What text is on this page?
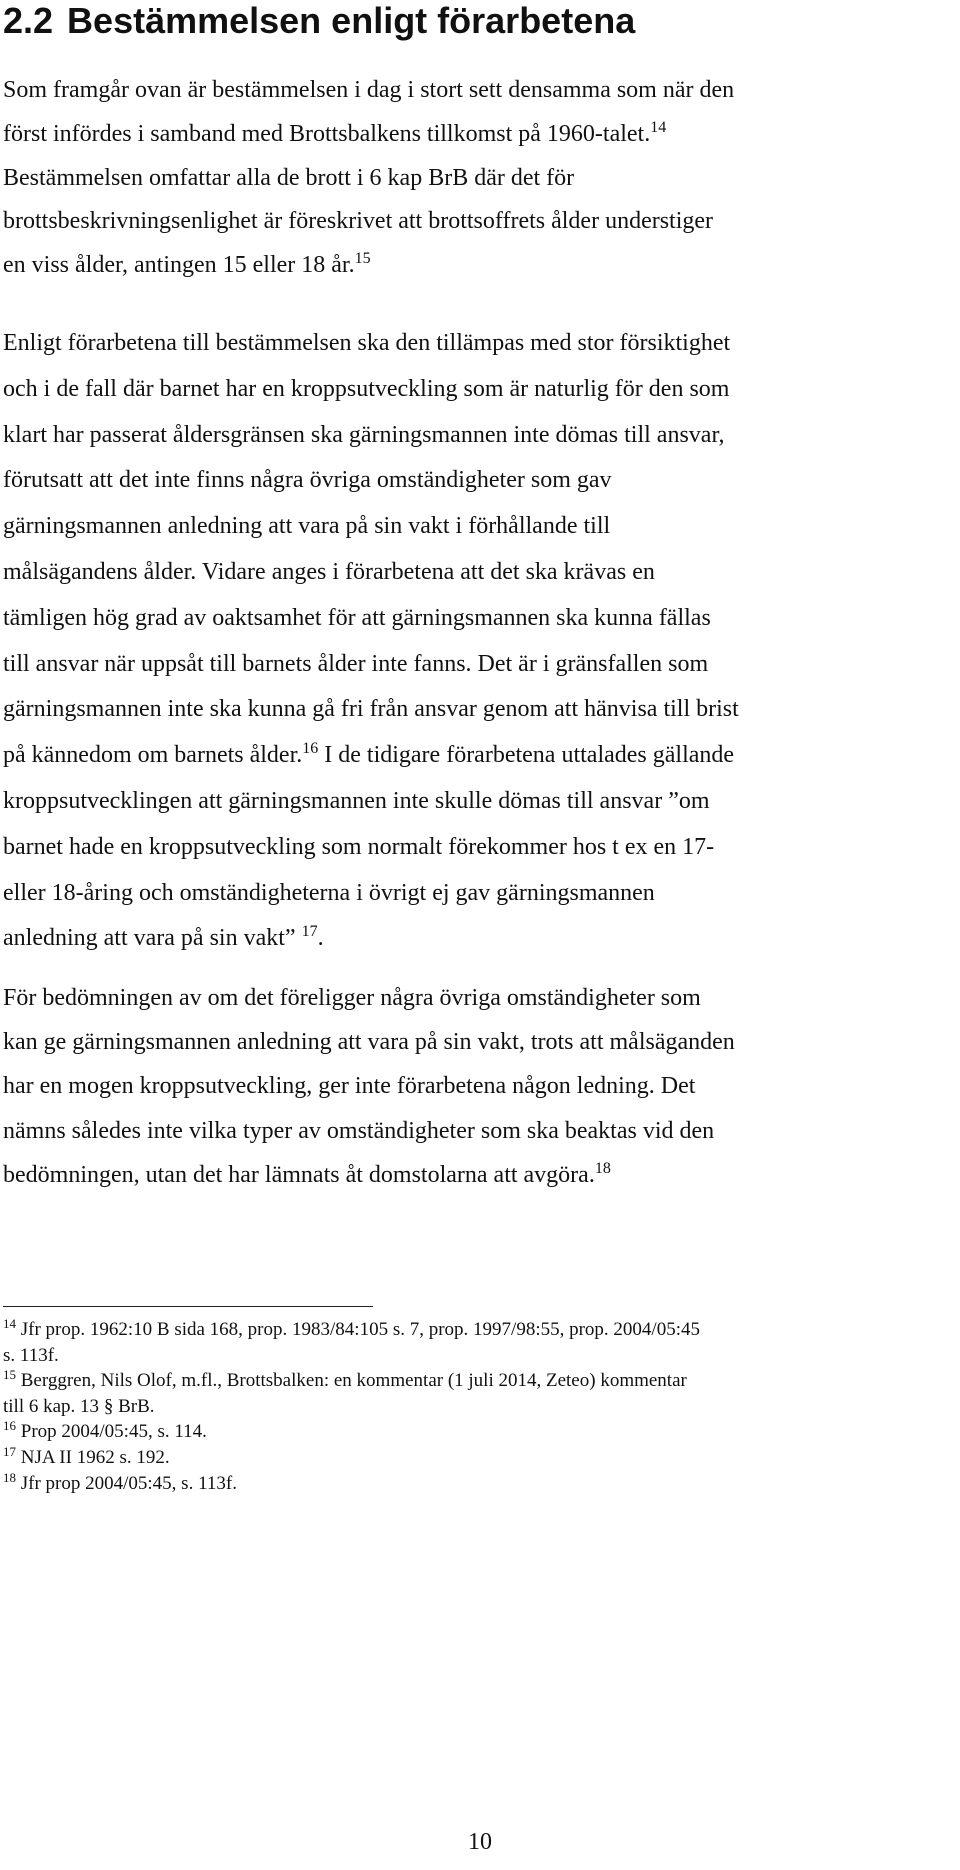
2.2 Bestämmelsen enligt förarbetena

Som framgår ovan är bestämmelsen i dag i stort sett densamma som när den
först infördes i samband med Brottsbalkens tillkomst på 1960-talet.$^{14}$
Bestämmelsen omfattar alla de brott i 6 kap BrB där det för
brottsbeskrivningsenlighet är föreskrivet att brottsoffrets ålder understiger
en viss ålder, antingen 15 eller 18 år.$^{15}$

Enligt förarbetena till bestämmelsen ska den tillämpas med stor försiktighet
och i de fall där barnet har en kroppsutveckling som är naturlig för den som
klart har passerat åldersgränsen ska gärningsmannen inte dömas till ansvar,
förutsatt att det inte finns några övriga omständigheter som gav
gärningsmannen anledning att vara på sin vakt i förhållande till
målsägandens ålder. Vidare anges i förarbetena att det ska krävas en
tämligen hög grad av oaktsamhet för att gärningsmannen ska kunna fällas
till ansvar när uppsåt till barnets ålder inte fanns. Det är i gränsfallen som
gärningsmannen inte ska kunna gå fri från ansvar genom att hänvisa till brist
på kännedom om barnets ålder.$^{16}$ I de tidigare förarbetena uttalades gällande
kroppsutvecklingen att gärningsmannen inte skulle dömas till ansvar ”om
barnet hade en kroppsutveckling som normalt förekommer hos t ex en 17-
eller 18-åring och omständigheterna i övrigt ej gav gärningsmannen
anledning att vara på sin vakt” $^{17}$.

För bedömningen av om det föreligger några övriga omständigheter som
kan ge gärningsmannen anledning att vara på sin vakt, trots att målsäganden
har en mogen kroppsutveckling, ger inte förarbetena någon ledning. Det
nämns således inte vilka typer av omständigheter som ska beaktas vid den
bedömningen, utan det har lämnats åt domstolarna att avgöra.$^{18}$

$^{14}$ Jfr prop. 1962:10 B sida 168, prop. 1983/84:105 s. 7, prop. 1997/98:55, prop. 2004/05:45
s. 113f.
$^{15}$ Berggren, Nils Olof, m.fl., Brottsbalken: en kommentar (1 juli 2014, Zeteo) kommentar
till 6 kap. 13 § BrB.
$^{16}$ Prop 2004/05:45, s. 114.
$^{17}$ NJA II 1962 s. 192.
$^{18}$ Jfr prop 2004/05:45, s. 113f.
10
